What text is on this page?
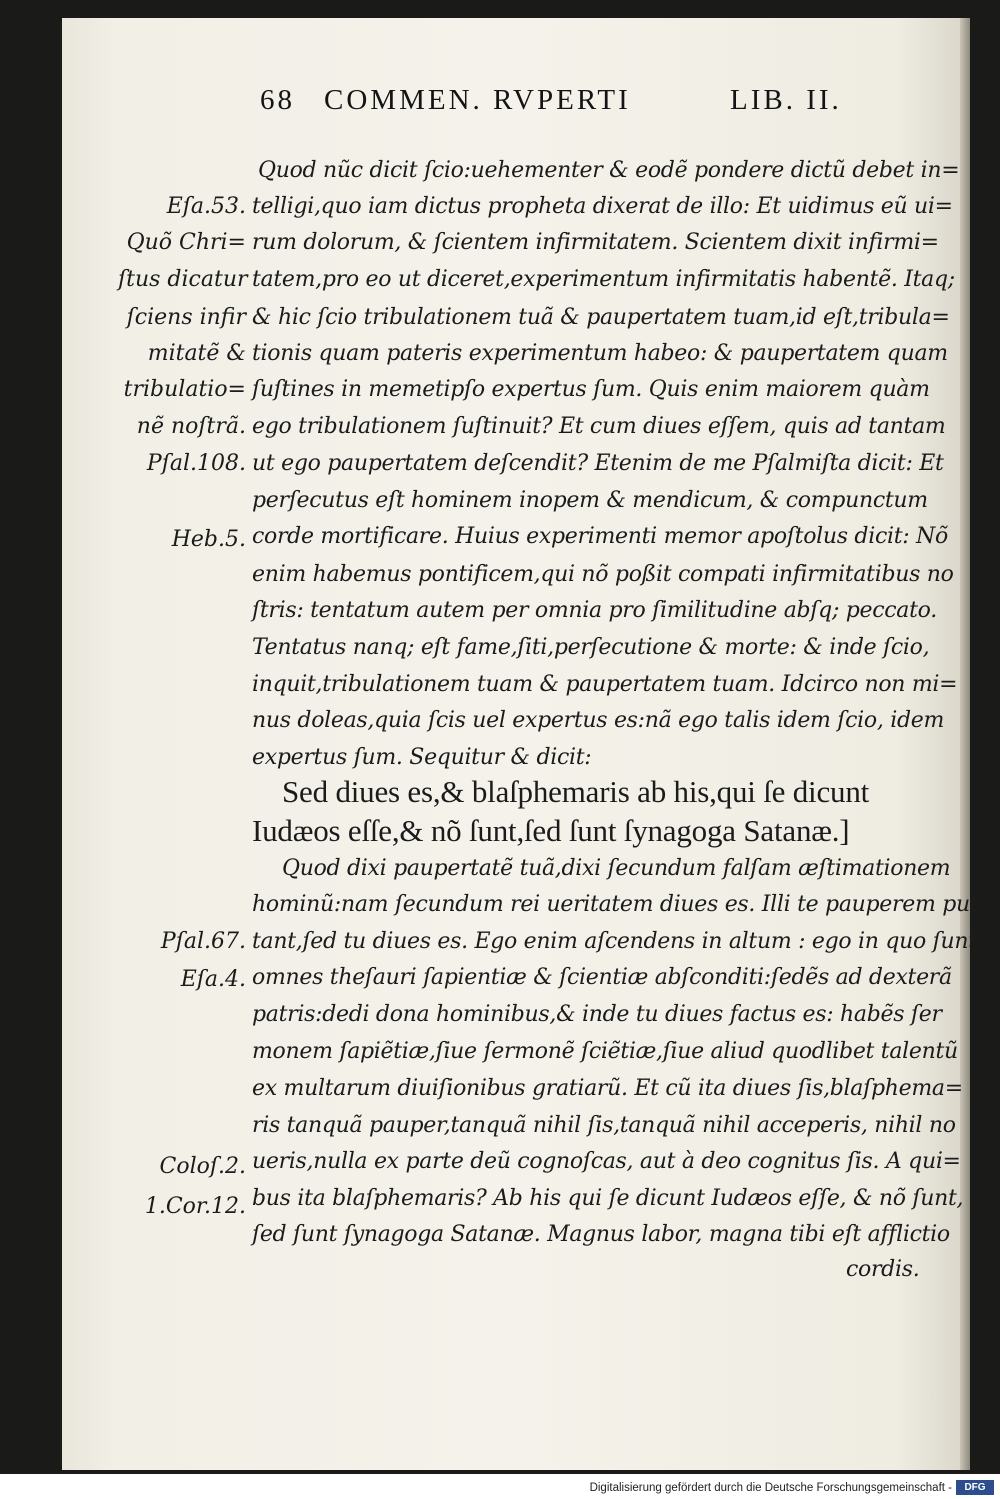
68 COMMEN. RVPERTI	LIB. II.
Quod nũc dicit ſcio:uehementer & eodẽ pondere dictũ debet in=
telligi,quo iam dictus propheta dixerat de illo: Et uidimus eũ ui=
rum dolorum, & ſcientem infirmitatem. Scientem dixit infirmi=
tatem,pro eo ut diceret,experimentum infirmitatis habentẽ. Itaq;
& hic ſcio tribulationem tuã & paupertatem tuam,id eſt,tribula=
tionis quam pateris experimentum habeo: & paupertatem quam
ſuſtines in memetipſo expertus ſum. Quis enim maiorem quàm
ego tribulationem ſuſtinuit? Et cum diues eſſem, quis ad tantam
ut ego paupertatem deſcendit? Etenim de me Pſalmiſta dicit: Et
perſecutus eſt hominem inopem & mendicum, & compunctum
corde mortificare. Huius experimenti memor apoſtolus dicit: Nõ
enim habemus pontificem,qui nõ poßit compati infirmitatibus no
ſtris: tentatum autem per omnia pro ſimilitudine abſq; peccato.
Tentatus nanq; eſt fame,ſiti,perſecutione & morte: & inde ſcio,
inquit,tribulationem tuam & paupertatem tuam. Idcirco non mi=
nus doleas,quia ſcis uel expertus es:nã ego talis idem ſcio, idem
expertus ſum. Sequitur & dicit:
Sed diues es,& blaſphemaris ab his,qui ſe dicunt
Iudæos eſſe,& nõ ſunt,ſed ſunt ſynagoga Satanæ.]
Quod dixi paupertatẽ tuã,dixi ſecundum falſam æſtimationem
hominũ:nam ſecundum rei ueritatem diues es. Illi te pauperem pu
tant,ſed tu diues es. Ego enim aſcendens in altum : ego in quo ſunt
omnes theſauri ſapientiæ & ſcientiæ abſconditi:ſedẽs ad dexterã
patris:dedi dona hominibus,& inde tu diues factus es: habẽs ſer
monem ſapiẽtiæ,ſiue ſermonẽ ſciẽtiæ,ſiue aliud quodlibet talentũ
ex multarum diuiſionibus gratiarũ. Et cũ ita diues ſis,blaſphema=
ris tanquã pauper,tanquã nihil ſis,tanquã nihil acceperis, nihil no
ueris,nulla ex parte deũ cognoſcas, aut à deo cognitus ſis. A qui=
bus ita blaſphemaris? Ab his qui ſe dicunt Iudæos eſſe, & nõ ſunt,
ſed ſunt ſynagoga Satanæ. Magnus labor, magna tibi eſt afflictio
cordis.
Eſa.53.
Quõ Chri=
ſtus dicatur
ſciens infir
mitatẽ &
tribulatio=
nẽ noſtrã.
Pſal.108.
Heb.5.
Pſal.67.
Eſa.4.
Coloſ.2.
1.Cor.12.
Digitalisierung gefördert durch die Deutsche Forschungsgemeinschaft -	DFG
